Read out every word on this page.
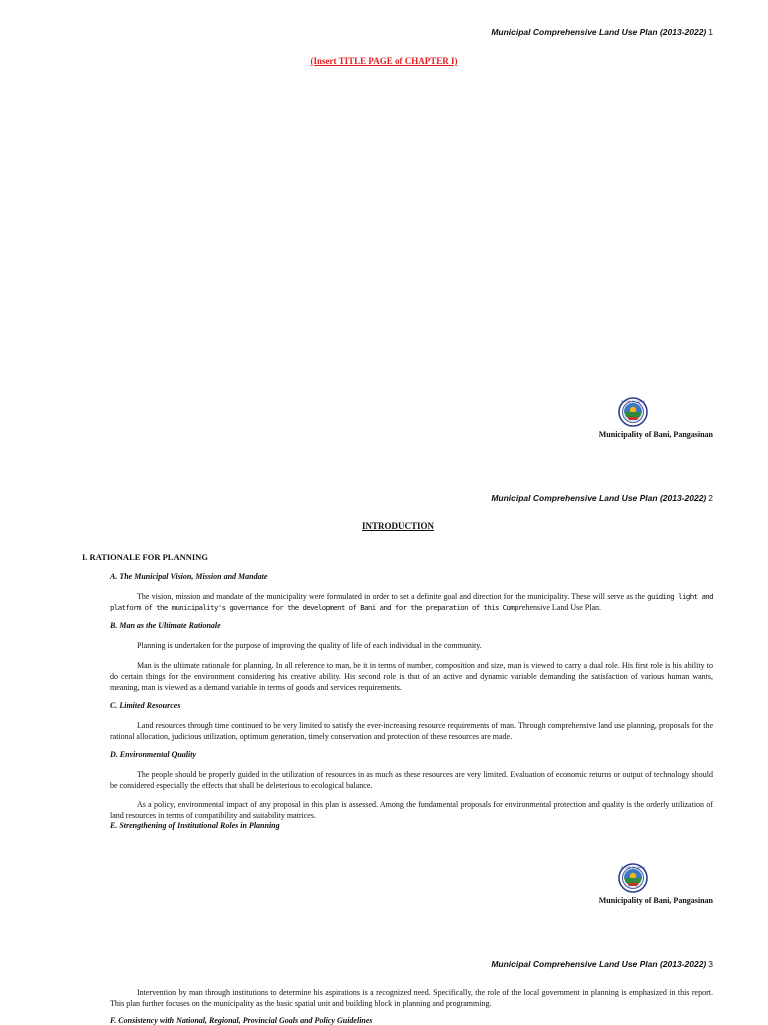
Municipal Comprehensive Land Use Plan (2013-2022) 1
(Insert TITLE PAGE of CHAPTER I)
BAYAN NG BANI
Municipality of Bani, Pangasinan
Municipal Comprehensive Land Use Plan (2013-2022) 2
INTRODUCTION
I. RATIONALE FOR PLANNING
A. The Municipal Vision, Mission and Mandate
The vision, mission and mandate of the municipality were formulated in order to set a definite goal and direction for the municipality. These will serve as the guiding light and platform of the municipality's governance for the development of Bani and for the preparation of this Comprehensive Land Use Plan.
B. Man as the Ultimate Rationale
Planning is undertaken for the purpose of improving the quality of life of each individual in the community.
Man is the ultimate rationale for planning. In all reference to man, be it in terms of number, composition and size, man is viewed to carry a dual role. His first role is his ability to do certain things for the environment considering his creative ability. His second role is that of an active and dynamic variable demanding the satisfaction of various human wants, meaning, man is viewed as a demand variable in terms of goods and services requirements.
C. Limited Resources
Land resources through time continued to be very limited to satisfy the ever-increasing resource requirements of man. Through comprehensive land use planning, proposals for the rational allocation, judicious utilization, optimum generation, timely conservation and protection of these resources are made.
D. Environmental Quality
The people should be properly guided in the utilization of resources in as much as these resources are very limited. Evaluation of economic returns or output of technology should be considered especially the effects that shall be deleterious to ecological balance.
As a policy, environmental impact of any proposal in this plan is assessed. Among the fundamental proposals for environmental protection and quality is the orderly utilization of land resources in terms of compatibility and suitability matrices.
E. Strengthening of Institutional Roles in Planning
BAYAN NG BANI
Municipality of Bani, Pangasinan
Municipal Comprehensive Land Use Plan (2013-2022) 3
Intervention by man through institutions to determine his aspirations is a recognized need. Specifically, the role of the local government in planning is emphasized in this report. This plan further focuses on the municipality as the basic spatial unit and building block in planning and programming.
F. Consistency with National, Regional, Provincial Goals and Policy Guidelines
